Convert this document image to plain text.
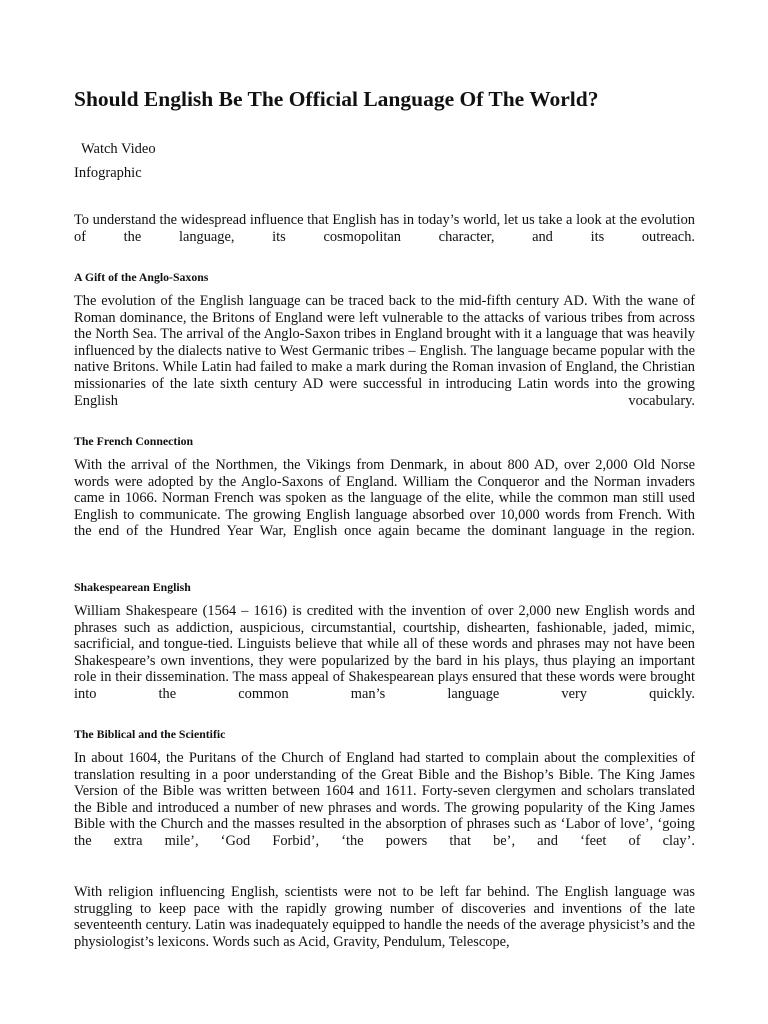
Should English Be The Official Language Of The World?
Watch Video
Infographic

To understand the widespread influence that English has in today’s world, let us take a look at the evolution of the language, its cosmopolitan character, and its outreach.

A Gift of the Anglo-Saxons

The evolution of the English language can be traced back to the mid-fifth century AD. With the wane of Roman dominance, the Britons of England were left vulnerable to the attacks of various tribes from across the North Sea. The arrival of the Anglo-Saxon tribes in England brought with it a language that was heavily influenced by the dialects native to West Germanic tribes – English. The language became popular with the native Britons. While Latin had failed to make a mark during the Roman invasion of England, the Christian missionaries of the late sixth century AD were successful in introducing Latin words into the growing English vocabulary.

The French Connection

With the arrival of the Northmen, the Vikings from Denmark, in about 800 AD, over 2,000 Old Norse words were adopted by the Anglo-Saxons of England. William the Conqueror and the Norman invaders came in 1066. Norman French was spoken as the language of the elite, while the common man still used English to communicate. The growing English language absorbed over 10,000 words from French. With the end of the Hundred Year War, English once again became the dominant language in the region.

Shakespearean English

William Shakespeare (1564 – 1616) is credited with the invention of over 2,000 new English words and phrases such as addiction, auspicious, circumstantial, courtship, dishearten, fashionable, jaded, mimic, sacrificial, and tongue-tied. Linguists believe that while all of these words and phrases may not have been Shakespeare’s own inventions, they were popularized by the bard in his plays, thus playing an important role in their dissemination. The mass appeal of Shakespearean plays ensured that these words were brought into the common man’s language very quickly.

The Biblical and the Scientific

In about 1604, the Puritans of the Church of England had started to complain about the complexities of translation resulting in a poor understanding of the Great Bible and the Bishop’s Bible. The King James Version of the Bible was written between 1604 and 1611. Forty-seven clergymen and scholars translated the Bible and introduced a number of new phrases and words. The growing popularity of the King James Bible with the Church and the masses resulted in the absorption of phrases such as ‘Labor of love’, ‘going the extra mile’, ‘God Forbid’, ‘the powers that be’, and ‘feet of clay’.

With religion influencing English, scientists were not to be left far behind. The English language was struggling to keep pace with the rapidly growing number of discoveries and inventions of the late seventeenth century. Latin was inadequately equipped to handle the needs of the average physicist’s and the physiologist’s lexicons. Words such as Acid, Gravity, Pendulum, Telescope,
